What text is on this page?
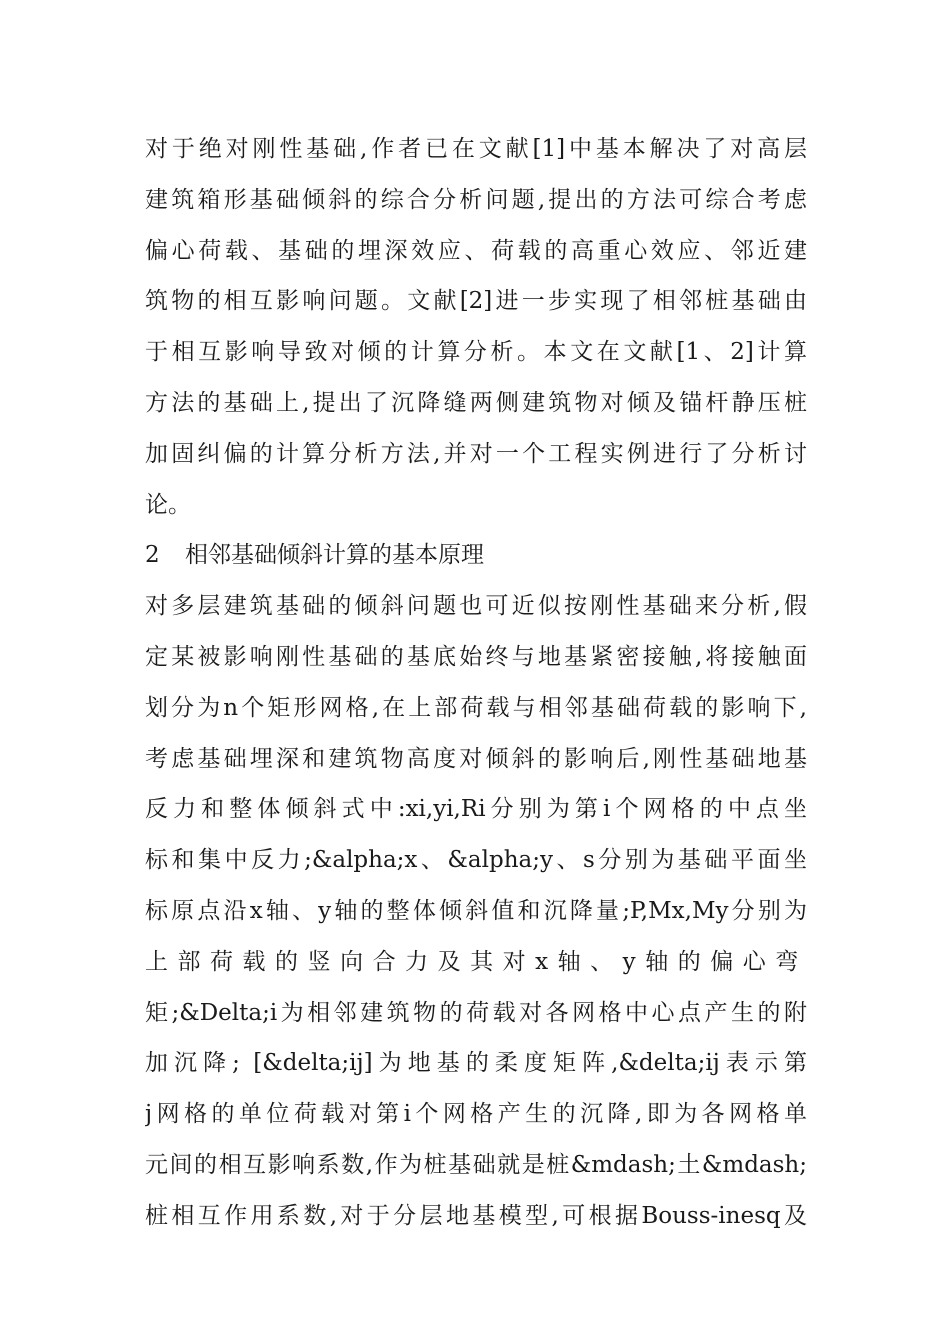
对于绝对刚性基础,作者已在文献[1]中基本解决了对高层
建筑箱形基础倾斜的综合分析问题,提出的方法可综合考虑
偏心荷载、基础的埋深效应、荷载的高重心效应、邻近建
筑物的相互影响问题。文献[2]进一步实现了相邻桩基础由
于相互影响导致对倾的计算分析。本文在文献[1、2]计算
方法的基础上,提出了沉降缝两侧建筑物对倾及锚杆静压桩
加固纠偏的计算分析方法,并对一个工程实例进行了分析讨
论。
2 相邻基础倾斜计算的基本原理
对多层建筑基础的倾斜问题也可近似按刚性基础来分析,假
定某被影响刚性基础的基底始终与地基紧密接触,将接触面
划分为n个矩形网格,在上部荷载与相邻基础荷载的影响下,
考虑基础埋深和建筑物高度对倾斜的影响后,刚性基础地基
反力和整体倾斜式中:xi,yi,Ri分别为第i个网格的中点坐
标和集中反力;&alpha;x、&alpha;y、s分别为基础平面坐
标原点沿x轴、y轴的整体倾斜值和沉降量;P,Mx,My分别为
上部荷载的竖向合力及其对x轴、y轴的偏心弯
矩;&Delta;i为相邻建筑物的荷载对各网格中心点产生的附
加沉降; [&delta;ij]为地基的柔度矩阵,&delta;ij表示第
j网格的单位荷载对第i个网格产生的沉降,即为各网格单
元间的相互影响系数,作为桩基础就是桩&mdash;土&mdash;
桩相互作用系数,对于分层地基模型,可根据Bouss-inesq及
